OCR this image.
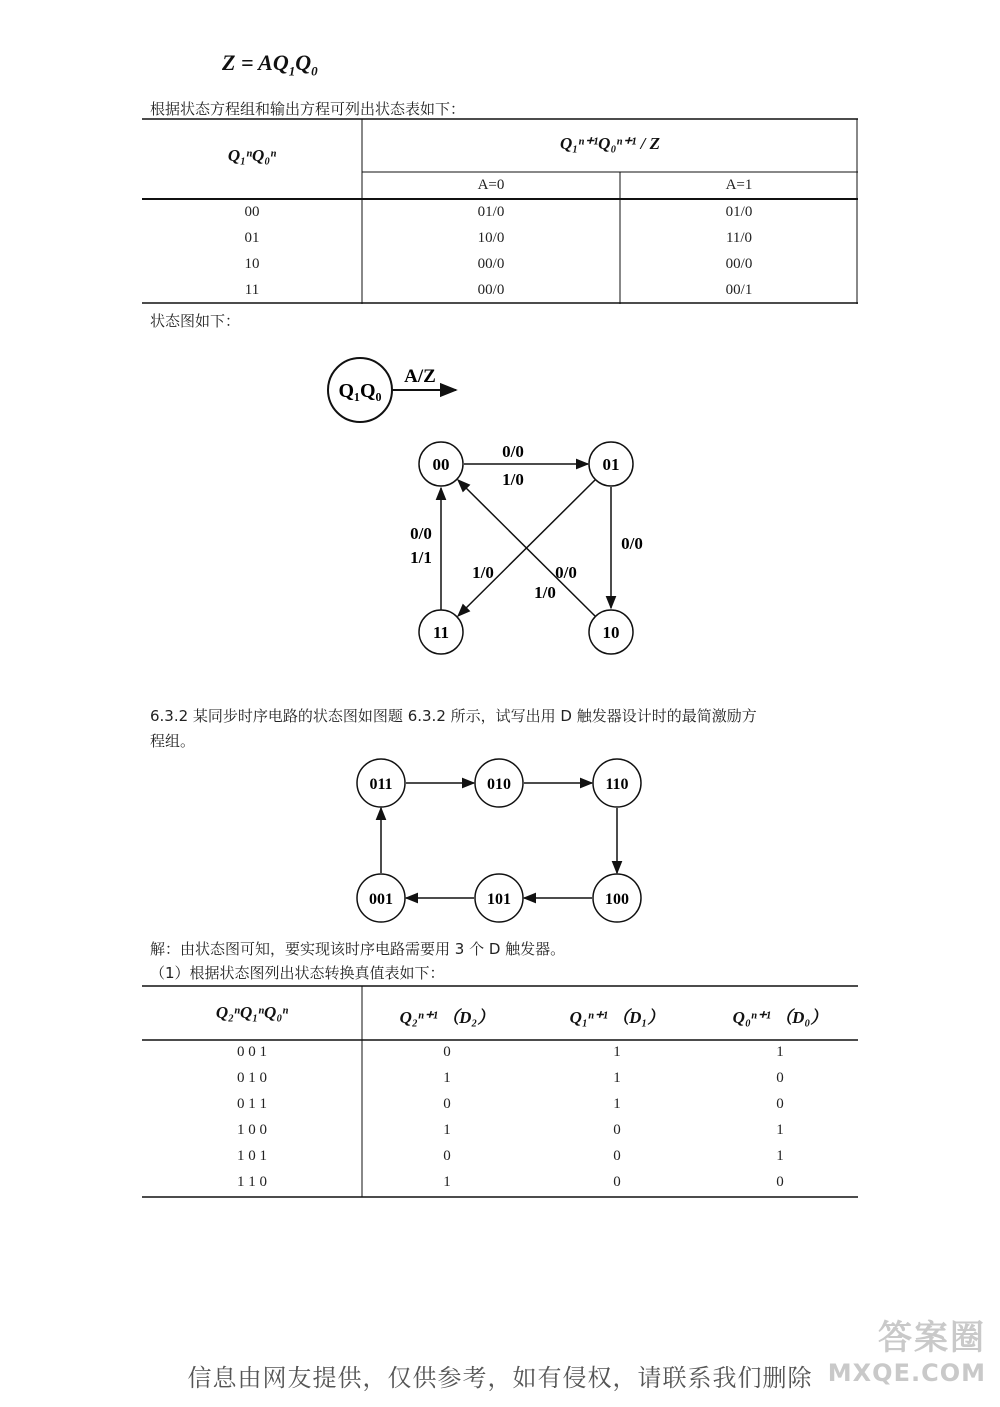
$Z = AQ_1Q_0$
根据状态方程组和输出方程可列出状态表如下：
Q₁ⁿQ₀ⁿ
Q₁ⁿ⁺¹Q₀ⁿ⁺¹ / Z
A=0	A=1
00	01/0	01/0
01	10/0	11/0
10	00/0	00/0
11	00/0	00/1
状态图如下：
Q₁Q₀
A/Z
00	01
10
11
0/0
1/0
0/0
0/0
1/1
1/0	0/0
1/0
6.3.2 某同步时序电路的状态图如图题 6.3.2 所示，试写出用 D 触发器设计时的最简激励方
程组。
011	010	110
100
101
001
解：由状态图可知，要实现该时序电路需要用 3 个 D 触发器。
（1）根据状态图列出状态转换真值表如下：
Q₂ⁿQ₁ⁿQ₀ⁿ	Q₂ⁿ⁺¹ （D₂）	Q₁ⁿ⁺¹ （D₁）	Q₀ⁿ⁺¹ （D₀）
0 0 1	0	1	1
0 1 0	1	1	0
0 1 1	0	1	0
1 0 0	1	0	1
1 0 1	0	0	1
1 1 0	1	0	0
信息由网友提供，仅供参考，如有侵权，请联系我们删除
答案圈
MXQE.COM
